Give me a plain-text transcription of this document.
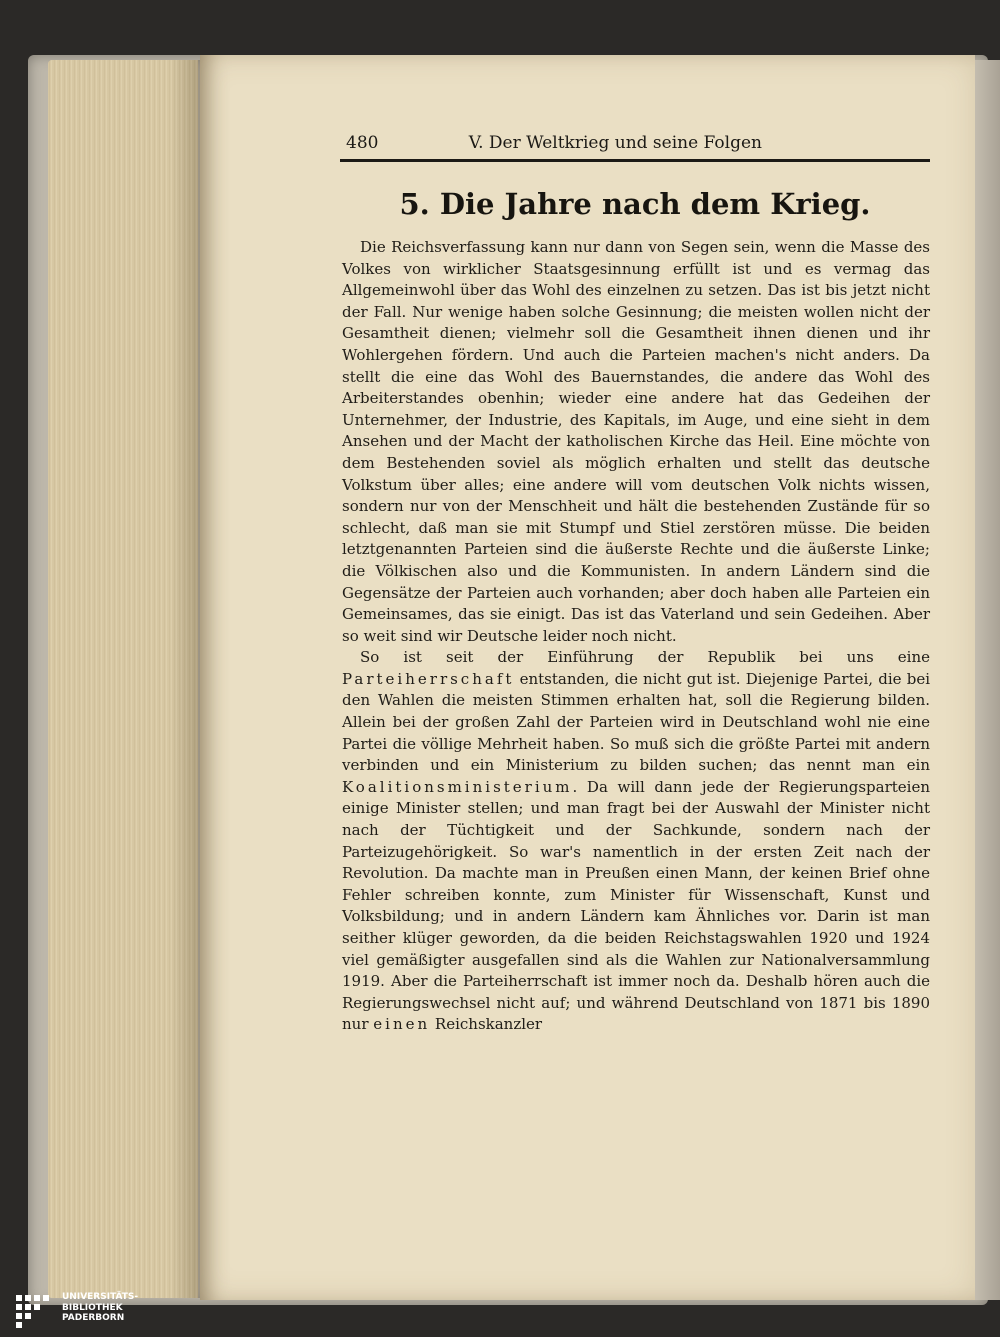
480	V. Der Weltkrieg und seine Folgen
5. Die Jahre nach dem Krieg.

Die Reichsverfassung kann nur dann von Segen sein, wenn die Masse des Volkes von wirklicher Staatsgesinnung erfüllt ist und es vermag das Allgemeinwohl über das Wohl des einzelnen zu setzen. Das ist bis jetzt nicht der Fall. Nur wenige haben solche Gesinnung; die meisten wollen nicht der Gesamtheit dienen; vielmehr soll die Gesamtheit ihnen dienen und ihr Wohlergehen fördern. Und auch die Parteien machen's nicht anders. Da stellt die eine das Wohl des Bauernstandes, die andere das Wohl des Arbeiterstandes obenhin; wieder eine andere hat das Gedeihen der Unternehmer, der Industrie, des Kapitals, im Auge, und eine sieht in dem Ansehen und der Macht der katholischen Kirche das Heil. Eine möchte von dem Bestehenden soviel als möglich erhalten und stellt das deutsche Volkstum über alles; eine andere will vom deutschen Volk nichts wissen, sondern nur von der Menschheit und hält die bestehenden Zustände für so schlecht, daß man sie mit Stumpf und Stiel zerstören müsse. Die beiden letztgenannten Parteien sind die äußerste Rechte und die äußerste Linke; die Völkischen also und die Kommunisten. In andern Ländern sind die Gegensätze der Parteien auch vorhanden; aber doch haben alle Parteien ein Gemeinsames, das sie einigt. Das ist das Vaterland und sein Gedeihen. Aber so weit sind wir Deutsche leider noch nicht.

So ist seit der Einführung der Republik bei uns eine Parteiherrschaft entstanden, die nicht gut ist. Diejenige Partei, die bei den Wahlen die meisten Stimmen erhalten hat, soll die Regierung bilden. Allein bei der großen Zahl der Parteien wird in Deutschland wohl nie eine Partei die völlige Mehrheit haben. So muß sich die größte Partei mit andern verbinden und ein Ministerium zu bilden suchen; das nennt man ein Koalitionsministerium. Da will dann jede der Regierungsparteien einige Minister stellen; und man fragt bei der Auswahl der Minister nicht nach der Tüchtigkeit und der Sachkunde, sondern nach der Parteizugehörigkeit. So war's namentlich in der ersten Zeit nach der Revolution. Da machte man in Preußen einen Mann, der keinen Brief ohne Fehler schreiben konnte, zum Minister für Wissenschaft, Kunst und Volksbildung; und in andern Ländern kam Ähnliches vor. Darin ist man seither klüger geworden, da die beiden Reichstagswahlen 1920 und 1924 viel gemäßigter ausgefallen sind als die Wahlen zur Nationalversammlung 1919. Aber die Parteiherrschaft ist immer noch da. Deshalb hören auch die Regierungswechsel nicht auf; und während Deutschland von 1871 bis 1890 nur einen Reichskanzler

UNIVERSITÄTS-
BIBLIOTHEK
PADERBORN
